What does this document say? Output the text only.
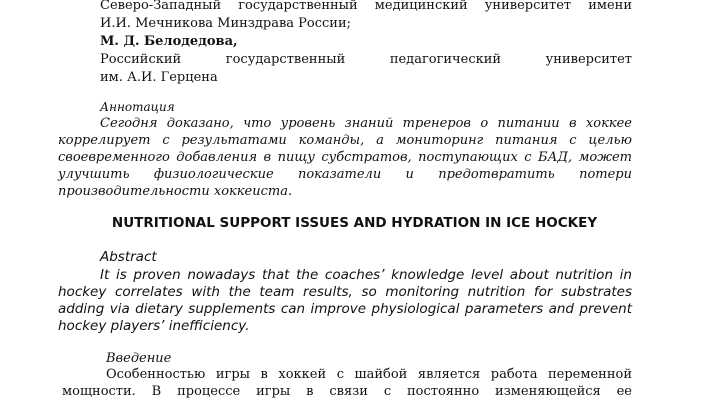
Северо-Западный государственный медицинский университет имени
И.И. Мечникова Минздрава России;
М. Д. Белодедова,
Российский государственный педагогический университет
им. А.И. Герцена
Аннотация
Сегодня доказано, что уровень знаний тренеров о питании в хоккее
коррелирует с результатами команды, а мониторинг питания с целью
своевременного добавления в пищу субстратов, поступающих с БАД, может
улучшить физиологические показатели и предотвратить потери
производительности хоккеиста.
NUTRITIONAL SUPPORT ISSUES AND HYDRATION IN ICE HOCKEY
Abstract
It is proven nowadays that the coaches’ knowledge level about nutrition in
hockey correlates with the team results, so monitoring nutrition for substrates
adding via dietary supplements can improve physiological parameters and prevent
hockey players’ inefficiency.
Введение
Особенностью игры в хоккей с шайбой является работа переменной
мощности. В процессе игры в связи с постоянно изменяющейся ее
